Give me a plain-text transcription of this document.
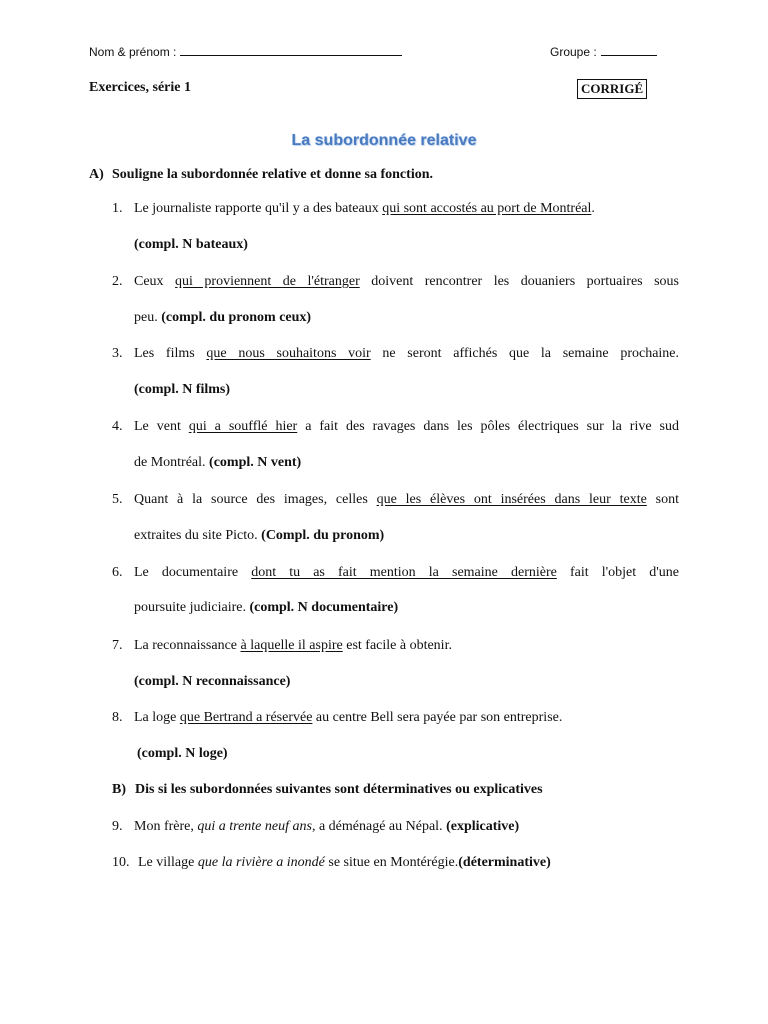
Nom & prénom :	Groupe :
Exercices, série 1	CORRIGÉ
La subordonnée relative
A) Souligne la subordonnée relative et donne sa fonction.
1. Le journaliste rapporte qu'il y a des bateaux qui sont accostés au port de Montréal.
(compl. N bateaux)
2. Ceux qui proviennent de l'étranger doivent rencontrer les douaniers portuaires sous
peu. (compl. du pronom ceux)
3. Les films que nous souhaitons voir ne seront affichés que la semaine prochaine.
(compl. N films)
4. Le vent qui a soufflé hier a fait des ravages dans les pôles électriques sur la rive sud
de Montréal. (compl. N vent)
5. Quant à la source des images, celles que les élèves ont insérées dans leur texte sont
extraites du site Picto. (Compl. du pronom)
6. Le documentaire dont tu as fait mention la semaine dernière fait l'objet d'une
poursuite judiciaire. (compl. N documentaire)
7. La reconnaissance à laquelle il aspire est facile à obtenir.
(compl. N reconnaissance)
8. La loge que Bertrand a réservée au centre Bell sera payée par son entreprise.
(compl. N loge)
B) Dis si les subordonnées suivantes sont déterminatives ou explicatives
9. Mon frère, qui a trente neuf ans, a déménagé au Népal. (explicative)
10. Le village que la rivière a inondé se situe en Montérégie.(déterminative)
